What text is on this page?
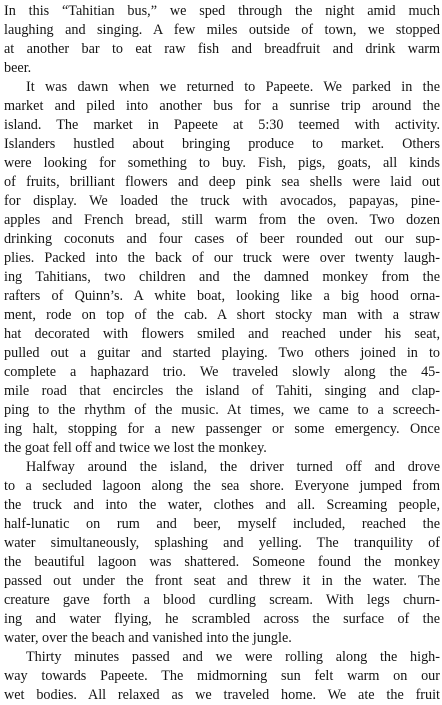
In this “Tahitian bus,” we sped through the night amid much
laughing and singing. A few miles outside of town, we stopped
at another bar to eat raw fish and breadfruit and drink warm
beer.
It was dawn when we returned to Papeete. We parked in the
market and piled into another bus for a sunrise trip around the
island. The market in Papeete at 5:30 teemed with activity.
Islanders hustled about bringing produce to market. Others
were looking for something to buy. Fish, pigs, goats, all kinds
of fruits, brilliant flowers and deep pink sea shells were laid out
for display. We loaded the truck with avocados, papayas, pine-
apples and French bread, still warm from the oven. Two dozen
drinking coconuts and four cases of beer rounded out our sup-
plies. Packed into the back of our truck were over twenty laugh-
ing Tahitians, two children and the damned monkey from the
rafters of Quinn’s. A white boat, looking like a big hood orna-
ment, rode on top of the cab. A short stocky man with a straw
hat decorated with flowers smiled and reached under his seat,
pulled out a guitar and started playing. Two others joined in to
complete a haphazard trio. We traveled slowly along the 45-
mile road that encircles the island of Tahiti, singing and clap-
ping to the rhythm of the music. At times, we came to a screech-
ing halt, stopping for a new passenger or some emergency. Once
the goat fell off and twice we lost the monkey.
Halfway around the island, the driver turned off and drove
to a secluded lagoon along the sea shore. Everyone jumped from
the truck and into the water, clothes and all. Screaming people,
half-lunatic on rum and beer, myself included, reached the
water simultaneously, splashing and yelling. The tranquility of
the beautiful lagoon was shattered. Someone found the monkey
passed out under the front seat and threw it in the water. The
creature gave forth a blood curdling scream. With legs churn-
ing and water flying, he scrambled across the surface of the
water, over the beach and vanished into the jungle.
Thirty minutes passed and we were rolling along the high-
way towards Papeete. The midmorning sun felt warm on our
wet bodies. All relaxed as we traveled home. We ate the fruit
